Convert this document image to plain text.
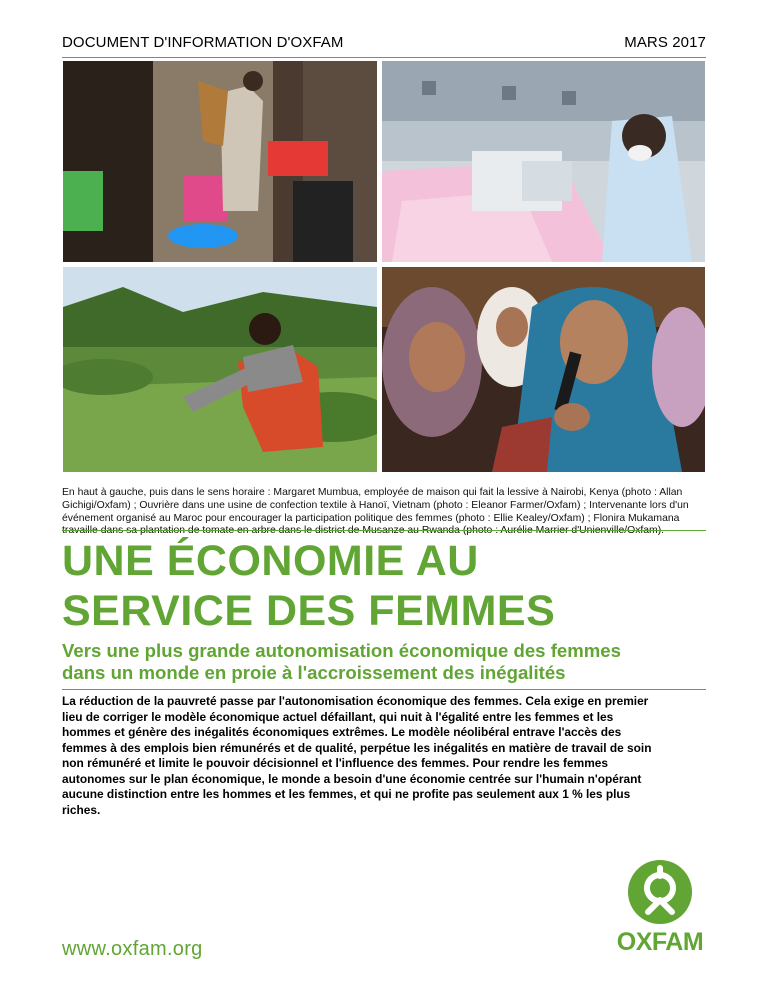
DOCUMENT D'INFORMATION D'OXFAM	MARS 2017

En haut à gauche, puis dans le sens horaire : Margaret Mumbua, employée de maison qui fait la lessive à Nairobi, Kenya (photo : Allan Gichigi/Oxfam) ; Ouvrière dans une usine de confection textile à Hanoï, Vietnam (photo : Eleanor Farmer/Oxfam) ; Intervenante lors d'un événement organisé au Maroc pour encourager la participation politique des femmes (photo : Ellie Kealey/Oxfam) ; Flonira Mukamana

UNE ÉCONOMIE AU
SERVICE DES FEMMES
Vers une plus grande autonomisation économique des femmes
dans un monde en proie à l'accroissement des inégalités

La réduction de la pauvreté passe par l'autonomisation économique des femmes. Cela exige en premier lieu de corriger le modèle économique actuel défaillant, qui nuit à l'égalité entre les femmes et les hommes et génère des inégalités économiques extrêmes. Le modèle néolibéral entrave l'accès des femmes à des emplois bien rémunérés et de qualité, perpétue les inégalités en matière de travail de soin non rémunéré et limite le pouvoir décisionnel et l'influence des femmes. Pour rendre les femmes autonomes sur le plan économique, le monde a besoin d'une économie centrée sur l'humain n'opérant aucune distinction entre les hommes et les femmes, et qui ne profite pas seulement aux 1 % les plus riches.

www.oxfam.org	OXFAM
